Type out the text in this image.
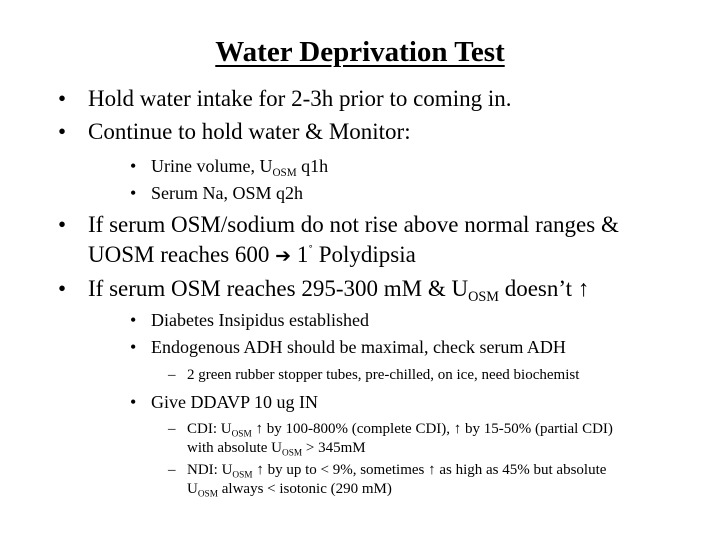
Water Deprivation Test
• Hold water intake for 2-3h prior to coming in.
• Continue to hold water & Monitor:
• Urine volume, $U_{OSM}$ q1h
• Serum Na, OSM q2h
• If serum OSM/sodium do not rise above normal ranges &
UOSM reaches 600 ➔ 1˚ Polydipsia
• If serum OSM reaches 295-300 mM & $U_{OSM}$ doesn’t ↑
• Diabetes Insipidus established
• Endogenous ADH should be maximal, check serum ADH
– 2 green rubber stopper tubes, pre-chilled, on ice, need biochemist
• Give DDAVP 10 ug IN
– CDI: $U_{OSM}$ ↑ by 100-800% (complete CDI), ↑ by 15-50% (partial CDI)
with absolute $U_{OSM} > 345mM$
– NDI: $U_{OSM}$ ↑ by up to < 9%, sometimes ↑ as high as 45% but absolute
$U_{OSM}$ always < isotonic (290 mM)
